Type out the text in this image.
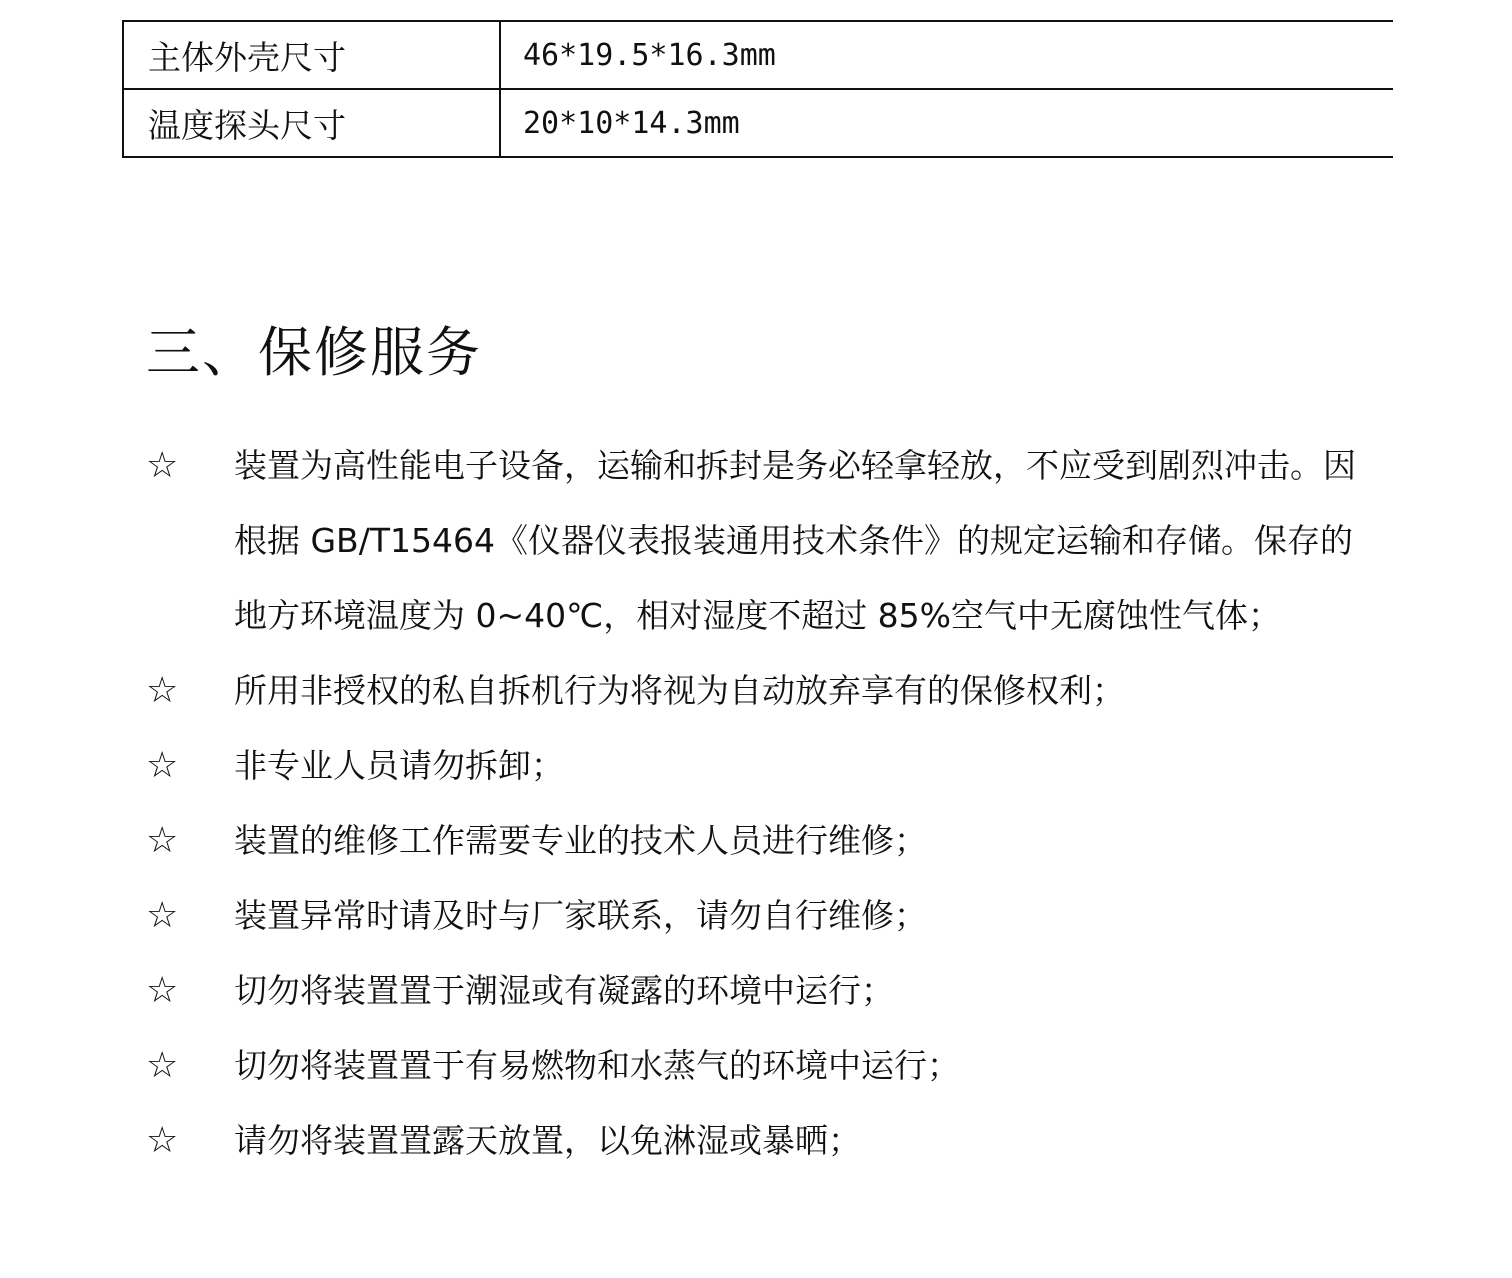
主体外壳尺寸	46*19.5*16.3mm
温度探头尺寸	20*10*14.3mm
三、保修服务
☆ 装置为高性能电子设备，运输和拆封是务必轻拿轻放，不应受到剧烈冲击。因根据 GB/T15464《仪器仪表报装通用技术条件》的规定运输和存储。保存的地方环境温度为 0~40℃，相对湿度不超过 85%空气中无腐蚀性气体；
☆ 所用非授权的私自拆机行为将视为自动放弃享有的保修权利；
☆ 非专业人员请勿拆卸；
☆ 装置的维修工作需要专业的技术人员进行维修；
☆ 装置异常时请及时与厂家联系，请勿自行维修；
☆ 切勿将装置置于潮湿或有凝露的环境中运行；
☆ 切勿将装置置于有易燃物和水蒸气的环境中运行；
☆ 请勿将装置置露天放置，以免淋湿或暴晒；
